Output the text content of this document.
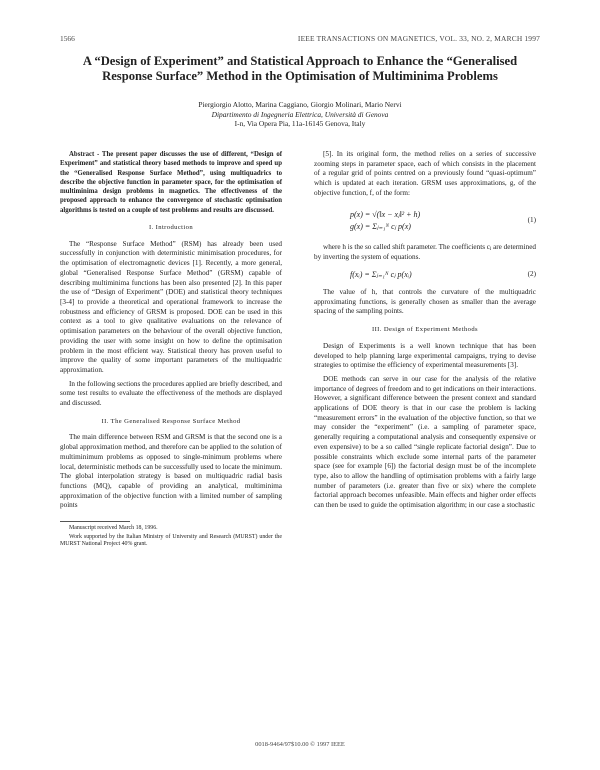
1566	IEEE TRANSACTIONS ON MAGNETICS, VOL. 33, NO. 2, MARCH 1997
A “Design of Experiment” and Statistical Approach to Enhance the “Generalised Response Surface” Method in the Optimisation of Multiminima Problems
Piergiorgio Alotto, Marina Caggiano, Giorgio Molinari, Mario Nervi
Dipartimento di Ingegneria Elettrica, Università di Genova
I-n, Via Opera Pia, 11a-16145 Genova, Italy

Abstract - The present paper discusses the use of different, “Design of Experiment” and statistical theory based methods to improve and speed up the “Generalised Response Surface Method”, using multiquadrics to describe the objective function in parameter space, for the optimisation of multiminima design problems in magnetics. The effectiveness of the proposed approach to enhance the convergence of stochastic optimisation algorithms is tested on a couple of test problems and results are discussed.

I. Introduction

The “Response Surface Method” (RSM) has already been used successfully in conjunction with deterministic minimisation procedures, for the optimisation of electromagnetic devices [1]. Recently, a more general, global “Generalised Response Surface Method” (GRSM) capable of describing multiminima functions has been also presented [2]. In this paper the use of “Design of Experiment” (DOE) and statistical theory techniques [3-4] to provide a theoretical and operational framework to increase the robustness and efficiency of GRSM is proposed. DOE can be used in this context as a tool to give qualitative evaluations on the relevance of optimisation parameters on the behaviour of the overall objective function, providing the user with some insight on how to define the optimisation problem in the most efficient way. Statistical theory has proven useful to improve the quality of some important parameters of the multiquadric approximation.

In the following sections the procedures applied are briefly described, and some test results to evaluate the effectiveness of the methods are displayed and discussed.

II. The Generalised Response Surface Method

The main difference between RSM and GRSM is that the second one is a global approximation method, and therefore can be applied to the solution of multiminimum problems as opposed to single-minimum problems where local, deterministic methods can be successfully used to locate the minimum. The global interpolation strategy is based on multiquadric radial basis functions (MQ), capable of providing an analytical, multiminima approximation of the objective function with a limited number of sampling points

Manuscript received March 18, 1996.

Work supported by the Italian Ministry of University and Research (MURST) under the MURST National Project 40% grant.

[5]. In its original form, the method relies on a series of successive zooming steps in parameter space, each of which consists in the placement of a regular grid of points centred on a previously found “quasi-optimum” which is updated at each iteration. GRSM uses approximations, g, of the objective function, f, of the form:

p(x) = √(‖x − xⱼ‖² + h)
g(x) = Σⱼ₌₁ᴺ cⱼ p(x)
(1)

where h is the so called shift parameter. The coefficients cⱼ are determined by inverting the system of equations.

f(xᵢ) = Σⱼ₌₁ᴺ cⱼ p(xᵢ)	(2)

The value of h, that controls the curvature of the multiquadric approximating functions, is generally chosen as smaller than the average spacing of the sampling points.

III. Design of Experiment Methods

Design of Experiments is a well known technique that has been developed to help planning large experimental campaigns, trying to devise strategies to optimise the efficiency of experimental measurements [3].

DOE methods can serve in our case for the analysis of the relative importance of degrees of freedom and to get indications on their interactions. However, a significant difference between the present context and standard applications of DOE theory is that in our case the problem is lacking “measurement errors” in the evaluation of the objective function, so that we may consider the “experiment” (i.e. a sampling of parameter space, generally requiring a computational analysis and consequently expensive or even expensive) to be a so called “single replicate factorial design”. Due to possible constraints which exclude some internal parts of the parameter space (see for example [6]) the factorial design must be of the incomplete type, also to allow the handling of optimisation problems with a fairly large number of parameters (i.e. greater than five or six) where the complete factorial approach becomes unfeasible. Main effects and higher order effects can then be used to guide the optimisation algorithm; in our case a stochastic

0018-9464/97$10.00 © 1997 IEEE
